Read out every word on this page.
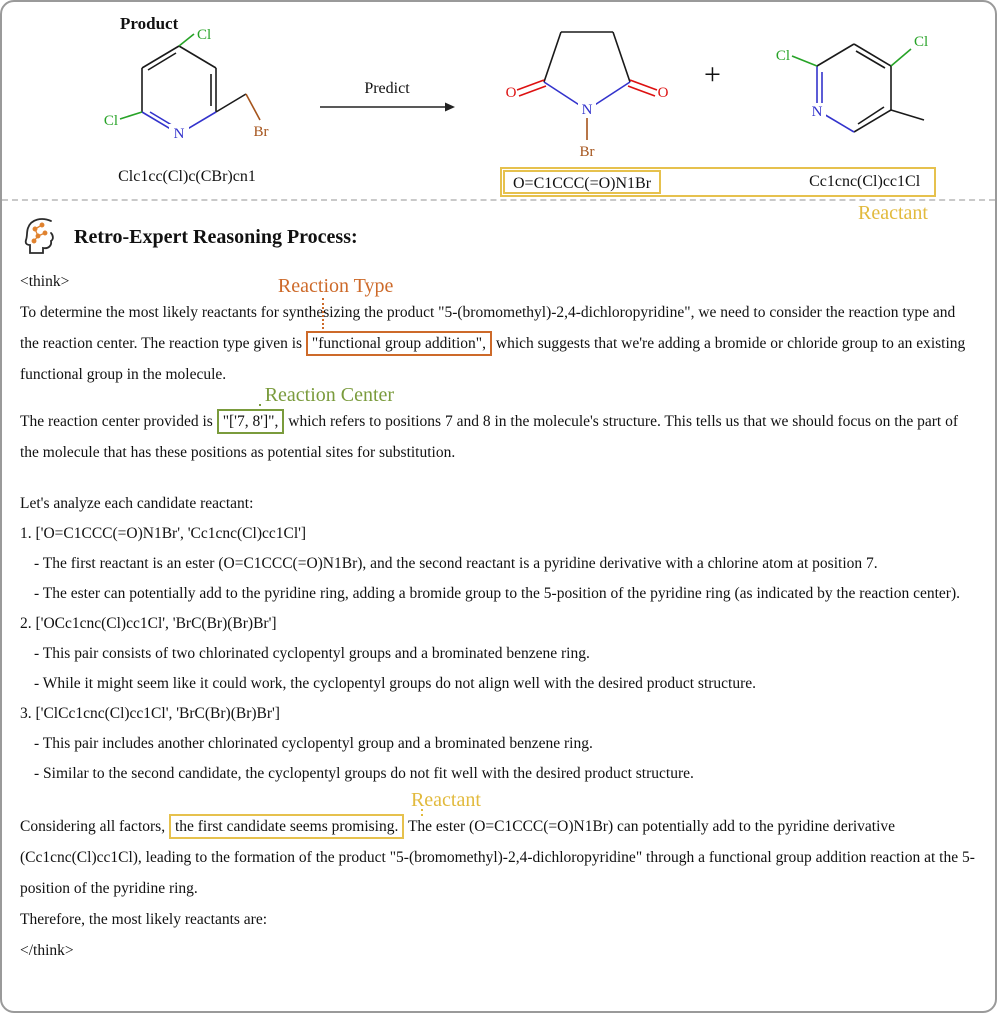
Product
N
Cl
Cl
Br
Clc1cc(Cl)c(CBr)cn1
Predict
N
O	O
Br
+
N
Cl
Cl
O=C1CCC(=O)N1Br	Cc1cnc(Cl)cc1Cl
Reactant
Retro-Expert Reasoning Process:
<think>

To determine the most likely reactants for synthesizing the product "5-(bromomethyl)-2,4-dichloropyridine", we need to consider the reaction type and the reaction center. The reaction type given is
Reaction Type
"functional group addition", which suggests that we're adding a bromide or chloride group to an existing functional group in the molecule.

The reaction center provided is
Reaction Center
"['7, 8']", which refers to positions 7 and 8 in the molecule's structure. This tells us that we should focus on the part of the molecule that has these positions as potential sites for substitution.

Let's analyze each candidate reactant:
1. ['O=C1CCC(=O)N1Br', 'Cc1cnc(Cl)cc1Cl']
- The first reactant is an ester (O=C1CCC(=O)N1Br), and the second reactant is a pyridine derivative with a chlorine atom at position 7.
- The ester can potentially add to the pyridine ring, adding a bromide group to the 5-position of the pyridine ring (as indicated by the reaction center).
2. ['OCc1cnc(Cl)cc1Cl', 'BrC(Br)(Br)Br']
- This pair consists of two chlorinated cyclopentyl groups and a brominated benzene ring.
- While it might seem like it could work, the cyclopentyl groups do not align well with the desired product structure.
3. ['ClCc1cnc(Cl)cc1Cl', 'BrC(Br)(Br)Br']
- This pair includes another chlorinated cyclopentyl group and a brominated benzene ring.
- Similar to the second candidate, the cyclopentyl groups do not fit well with the desired product structure.

Considering all factors,
Reactant
the first candidate seems promising. The ester (O=C1CCC(=O)N1Br) can potentially add to the pyridine derivative (Cc1cnc(Cl)cc1Cl), leading to the formation of the product "5-(bromomethyl)-2,4-dichloropyridine" through a functional group addition reaction at the 5-position of the pyridine ring.

Therefore, the most likely reactants are:

</think>
